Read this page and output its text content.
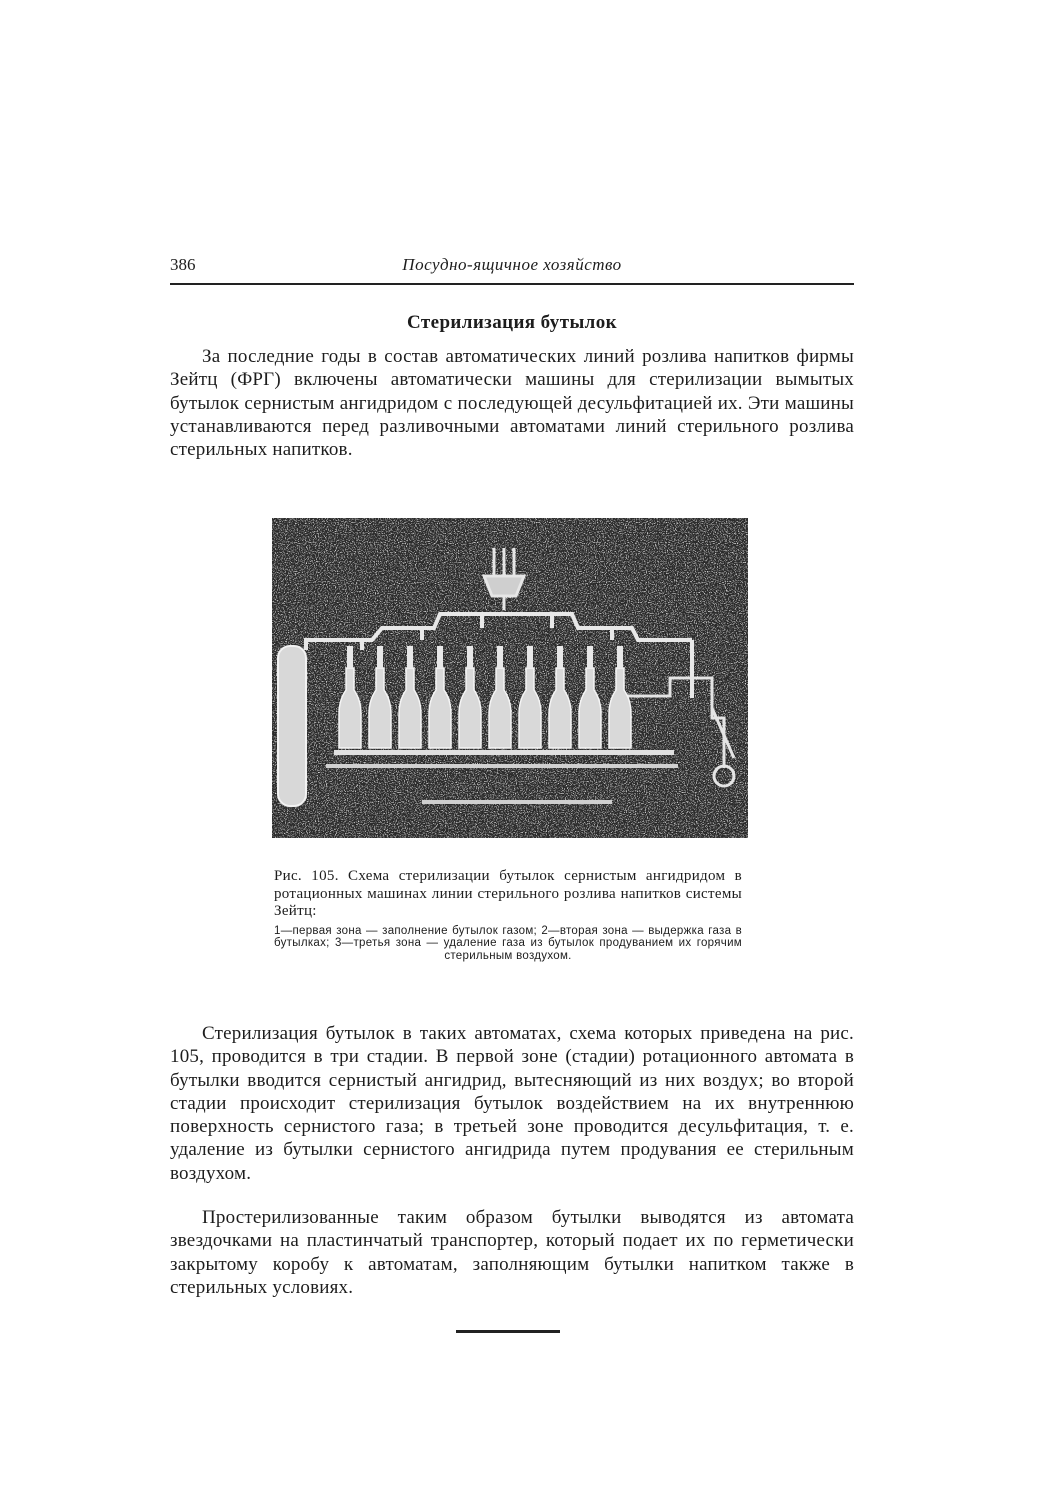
386	Посудно-ящичное хозяйство
Стерилизация бутылок

За последние годы в состав автоматических линий розлива напитков фирмы Зейтц (ФРГ) включены автоматически машины для стерилизации вымытых бутылок сернистым ангидридом с последующей десульфитацией их. Эти машины устанавливаются перед разливочными автоматами линий стерильного розлива стерильных напитков.

Рис. 105. Схема стерилизации бутылок сернистым ангидридом в ротационных машинах линии стерильного розлива напитков системы Зейтц:

1—первая зона — заполнение бутылок газом; 2—вторая зона — выдержка газа в бутылках; 3—третья зона — удаление газа из бутылок продуванием их горячим стерильным воздухом.

Стерилизация бутылок в таких автоматах, схема которых приведена на рис. 105, проводится в три стадии. В первой зоне (стадии) ротационного автомата в бутылки вводится сернистый ангидрид, вытесняющий из них воздух; во второй стадии происходит стерилизация бутылок воздействием на их внутреннюю поверхность сернистого газа; в третьей зоне проводится десульфитация, т. е. удаление из бутылки сернистого ангидрида путем продувания ее стерильным воздухом.

Простерилизованные таким образом бутылки выводятся из автомата звездочками на пластинчатый транспортер, который подает их по герметически закрытому коробу к автоматам, заполняющим бутылки напитком также в стерильных условиях.
